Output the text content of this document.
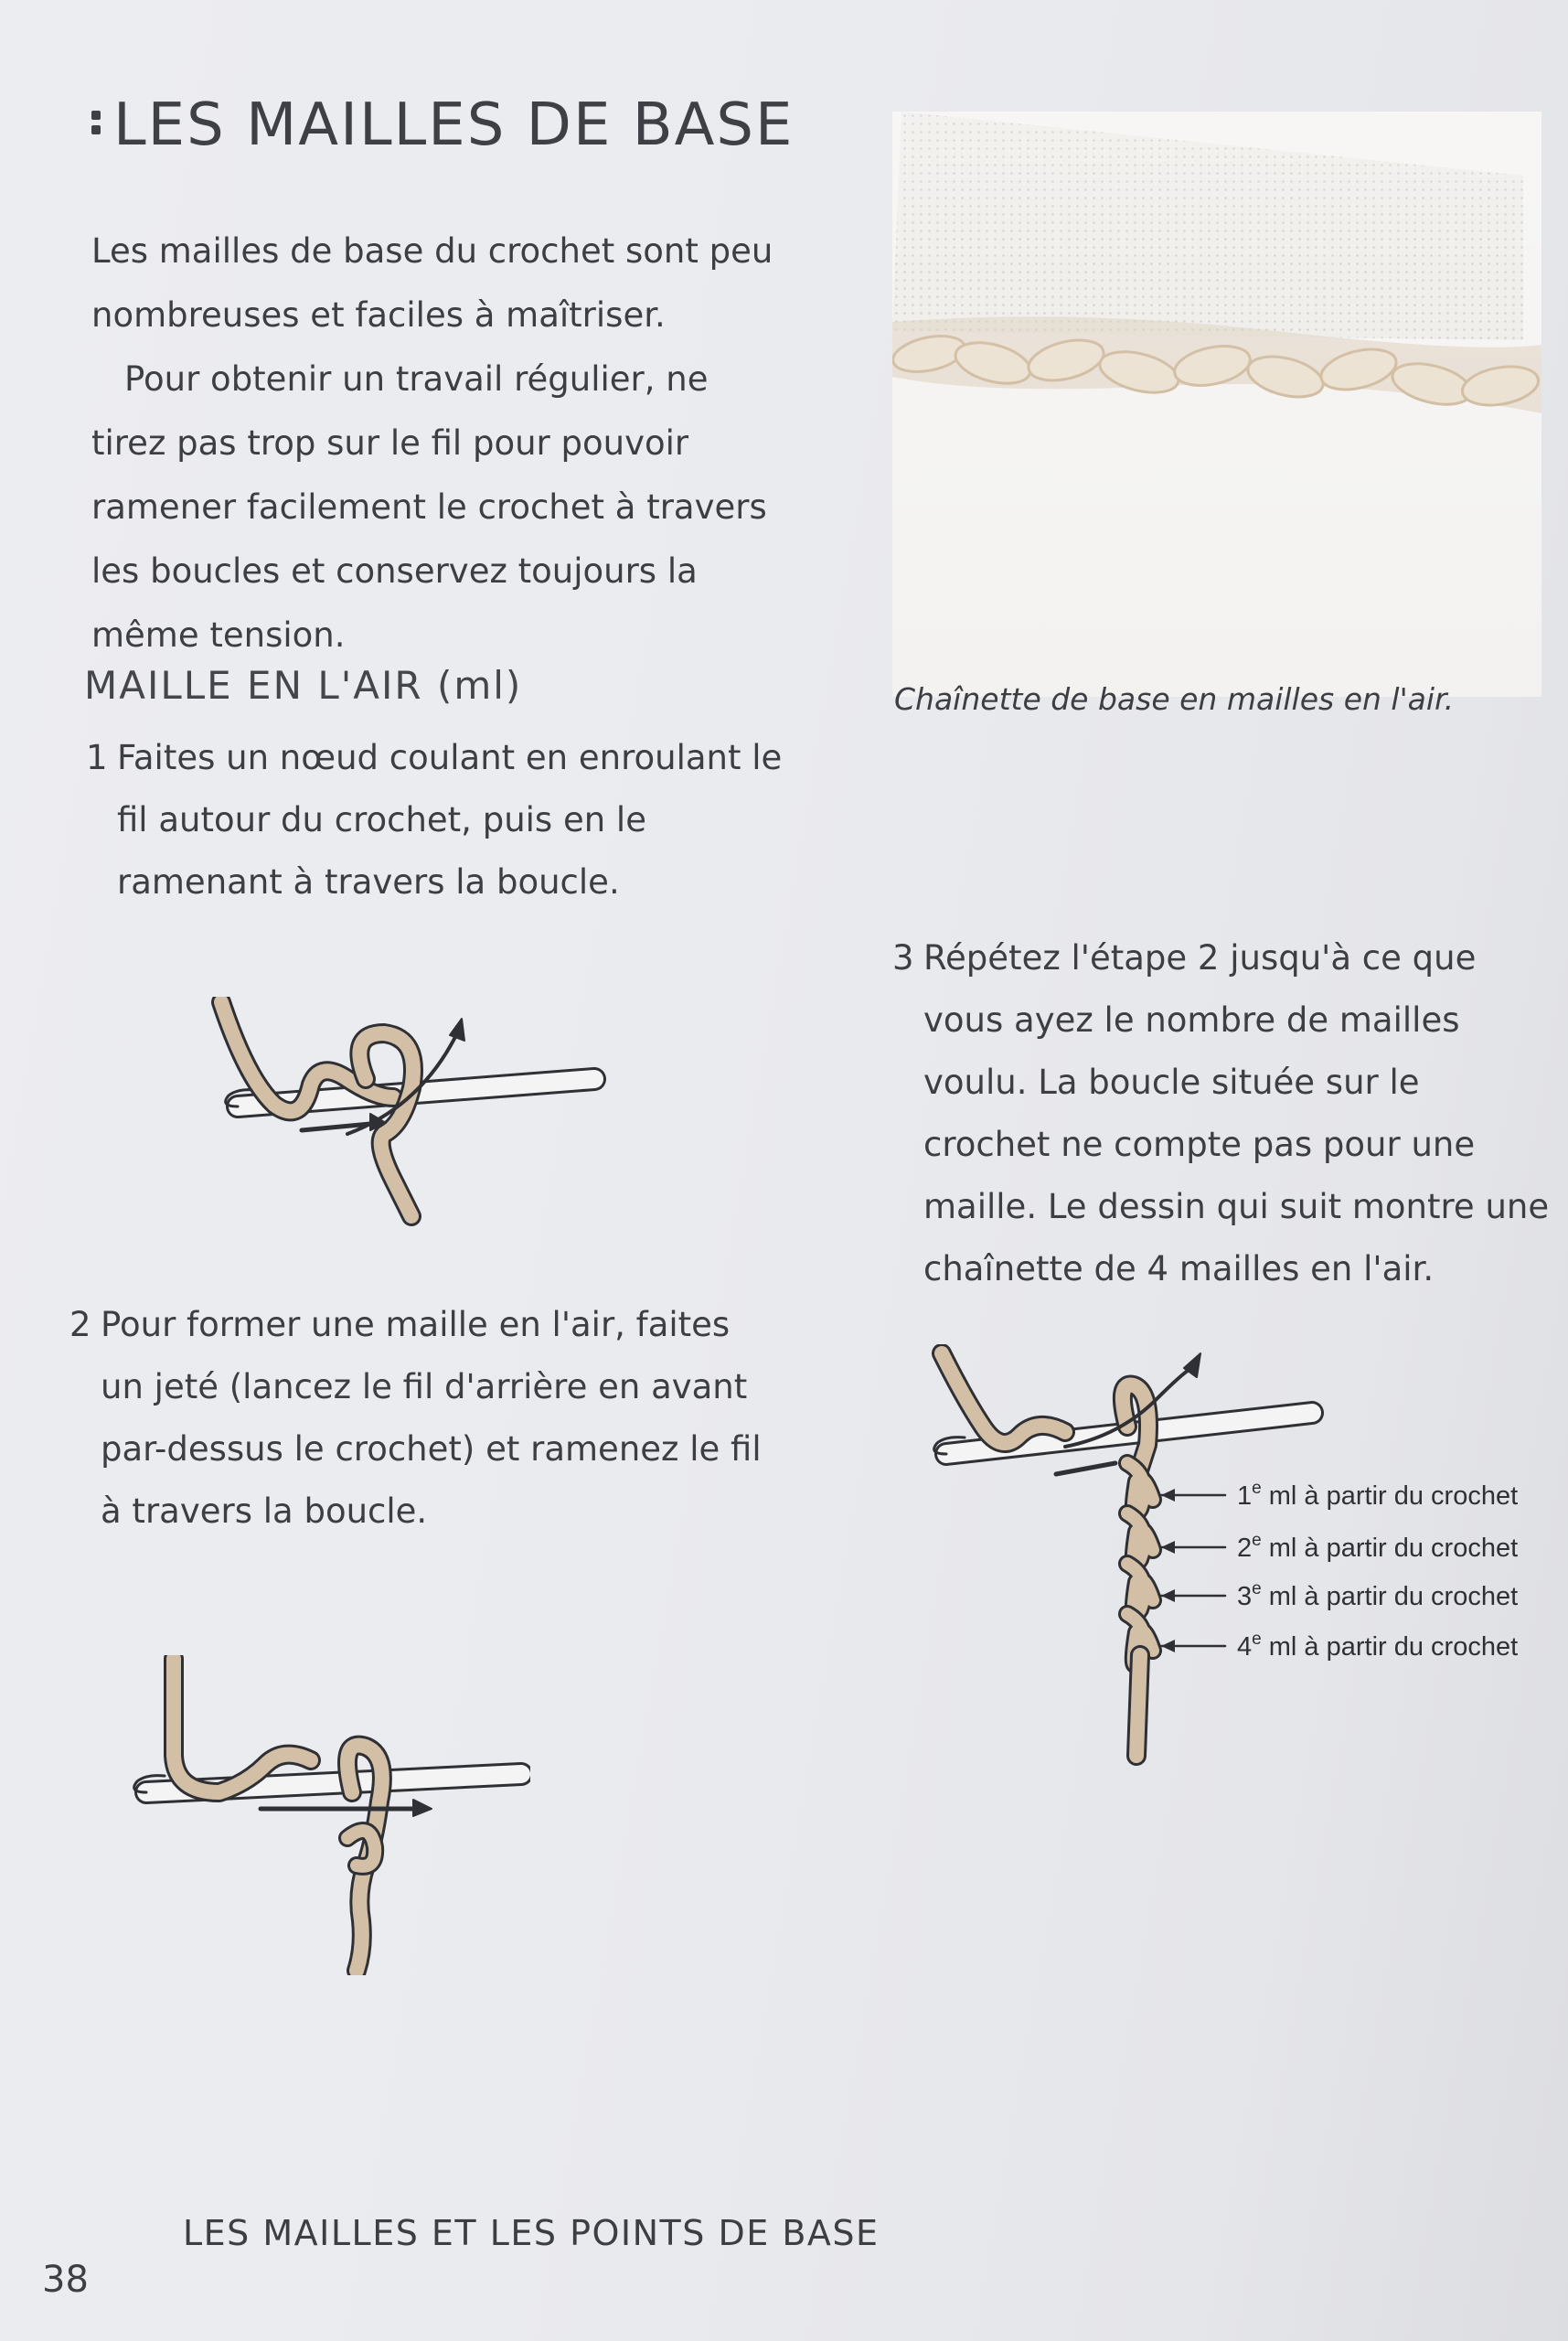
LES MAILLES DE BASE

Les mailles de base du crochet sont peu nombreuses et faciles à maîtriser.

Pour obtenir un travail régulier, ne tirez pas trop sur le fil pour pouvoir ramener facilement le crochet à travers les boucles et conservez toujours la même tension.

Chaînette de base en mailles en l'air.
MAILLE EN L'AIR (ml)
1 Faites un nœud coulant en enroulant le fil autour du crochet, puis en le ramenant à travers la boucle.
2 Pour former une maille en l'air, faites un jeté (lancez le fil d'arrière en avant par-dessus le crochet) et ramenez le fil à travers la boucle.
3 Répétez l'étape 2 jusqu'à ce que vous ayez le nombre de mailles voulu. La boucle située sur le crochet ne compte pas pour une maille. Le dessin qui suit montre une chaînette de 4 mailles en l'air.
1e ml à partir du crochet
2e ml à partir du crochet
3e ml à partir du crochet
4e ml à partir du crochet
LES MAILLES ET LES POINTS DE BASE
38
